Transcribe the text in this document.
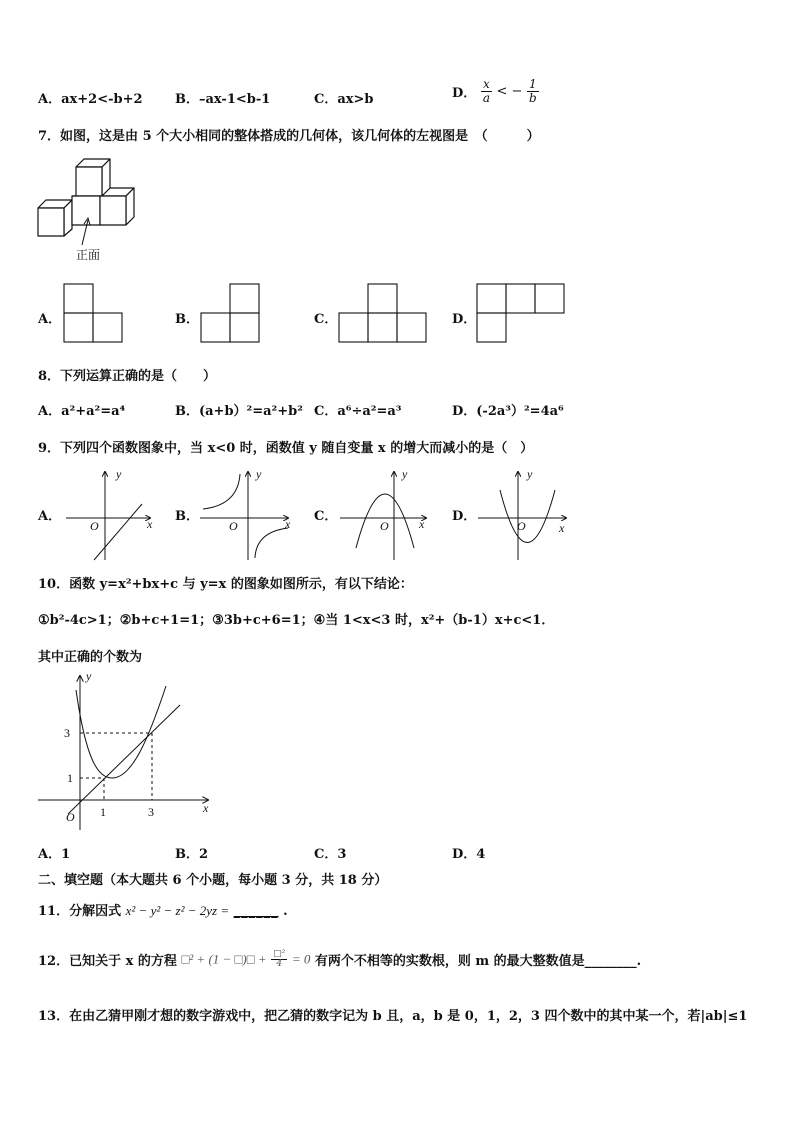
A．ax+2<-b+2 B．–ax-1<b-1	C．ax>b	D． $\frac{x}{a}$ < − $\frac{1}{b}$
7．如图，这是由 5 个大小相同的整体搭成的几何体，该几何体的左视图是　（　　　）
正面
A．	B．	C．	D．
8．下列运算正确的是（　　）
A．a²+a²=a⁴	B．(a+b）²=a²+b² C．a⁶÷a²=a³	D．(-2a³）²=4a⁶
9．下列四个函数图象中，当 x<0 时，函数值 y 随自变量 x 的增大而减小的是（　）
A．	B．	C．	D．
y
x
O
y
x
O
y
x
O
y
x
O
10．函数 y=x²+bx+c 与 y=x 的图象如图所示，有以下结论：
①b²-4c>1；②b+c+1=1；③3b+c+6=1；④当 1<x<3 时，x²+（b-1）x+c<1．
其中正确的个数为
y
x
O
3
1
1	3
A．1	B．2	C．3	D．4
二、填空题（本大题共 6 个小题，每小题 3 分，共 18 分）
11．分解因式 x² − y² − z² − 2yz = ______ .
12．已知关于 x 的方程 □² + (1 − □)□ + $\frac{\text{□²}}{4} = 0$ 有两个不相等的实数根，则 m 的最大整数值是________.
13．在由乙猜甲刚才想的数字游戏中，把乙猜的数字记为 b 且，a，b 是 0，1，2，3 四个数中的其中某一个，若|ab|≤1
